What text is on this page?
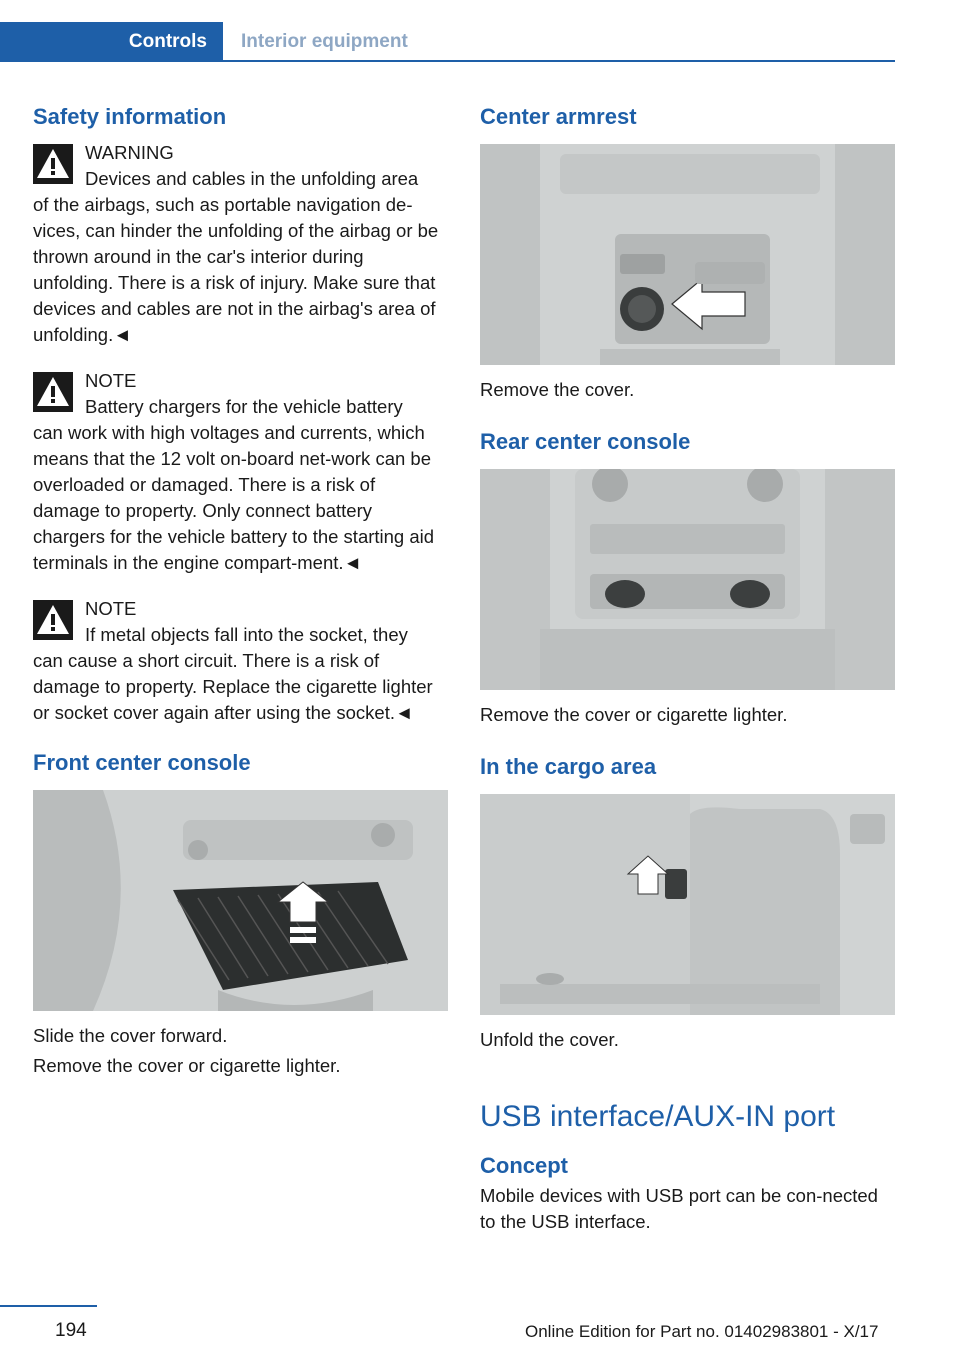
Controls	Interior equipment
Safety information
WARNING
Devices and cables in the unfolding area
of the airbags, such as portable navigation de-vices, can hinder the unfolding of the airbag or be thrown around in the car's interior during unfolding. There is a risk of injury. Make sure that devices and cables are not in the airbag's area of unfolding.◄
NOTE
Battery chargers for the vehicle battery
can work with high voltages and currents, which means that the 12 volt on-board net-work can be overloaded or damaged. There is a risk of damage to property. Only connect battery chargers for the vehicle battery to the starting aid terminals in the engine compart-ment.◄
NOTE
If metal objects fall into the socket, they
can cause a short circuit. There is a risk of damage to property. Replace the cigarette lighter or socket cover again after using the socket.◄
Front center console

Slide the cover forward.

Remove the cover or cigarette lighter.

Center armrest

Remove the cover.

Rear center console

Remove the cover or cigarette lighter.

In the cargo area

Unfold the cover.

USB interface/AUX-IN port
Concept

Mobile devices with USB port can be con-nected to the USB interface.

194	Online Edition for Part no. 01402983801 - X/17
